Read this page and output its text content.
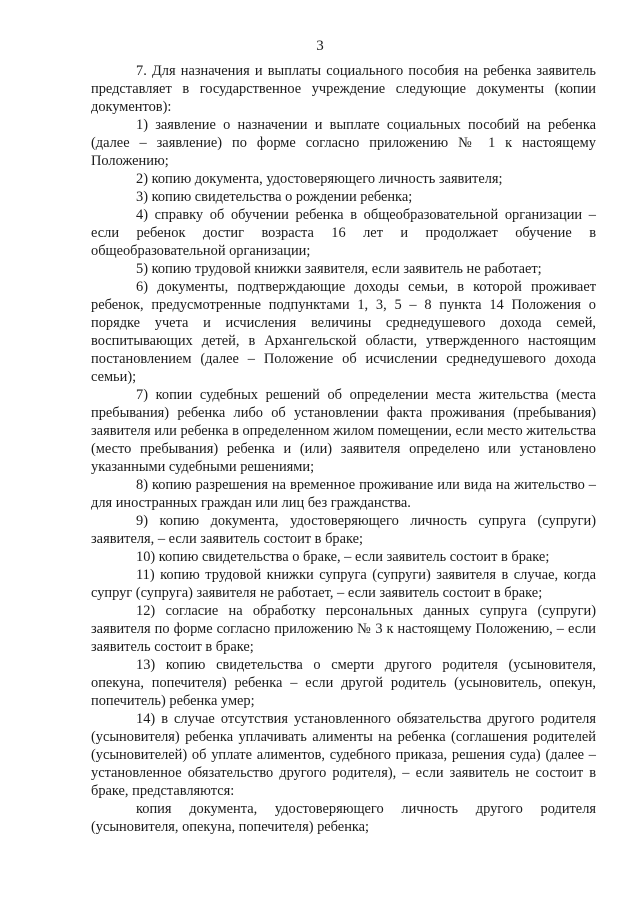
3

7. Для назначения и выплаты социального пособия на ребенка заявитель представляет в государственное учреждение следующие документы (копии документов):

1) заявление о назначении и выплате социальных пособий на ребенка (далее – заявление) по форме согласно приложению № 1 к настоящему Положению;

2) копию документа, удостоверяющего личность заявителя;

3) копию свидетельства о рождении ребенка;

4) справку об обучении ребенка в общеобразовательной организации – если ребенок достиг возраста 16 лет и продолжает обучение в общеобразовательной организации;

5) копию трудовой книжки заявителя, если заявитель не работает;

6) документы, подтверждающие доходы семьи, в которой проживает ребенок, предусмотренные подпунктами 1, 3, 5 – 8 пункта 14 Положения о порядке учета и исчисления величины среднедушевого дохода семей, воспитывающих детей, в Архангельской области, утвержденного настоящим постановлением (далее – Положение об исчислении среднедушевого дохода семьи);

7) копии судебных решений об определении места жительства (места пребывания) ребенка либо об установлении факта проживания (пребывания) заявителя или ребенка в определенном жилом помещении, если место жительства (место пребывания) ребенка и (или) заявителя определено или установлено указанными судебными решениями;

8) копию разрешения на временное проживание или вида на жительство – для иностранных граждан или лиц без гражданства.

9) копию документа, удостоверяющего личность супруга (супруги) заявителя, – если заявитель состоит в браке;

10) копию свидетельства о браке, – если заявитель состоит в браке;

11) копию трудовой книжки супруга (супруги) заявителя в случае, когда супруг (супруга) заявителя не работает, – если заявитель состоит в браке;

12) согласие на обработку персональных данных супруга (супруги) заявителя по форме согласно приложению № 3 к настоящему Положению, – если заявитель состоит в браке;

13) копию свидетельства о смерти другого родителя (усыновителя, опекуна, попечителя) ребенка – если другой родитель (усыновитель, опекун, попечитель) ребенка умер;

14) в случае отсутствия установленного обязательства другого родителя (усыновителя) ребенка уплачивать алименты на ребенка (соглашения родителей (усыновителей) об уплате алиментов, судебного приказа, решения суда) (далее – установленное обязательство другого родителя), – если заявитель не состоит в браке, представляются:

копия документа, удостоверяющего личность другого родителя (усыновителя, опекуна, попечителя) ребенка;
